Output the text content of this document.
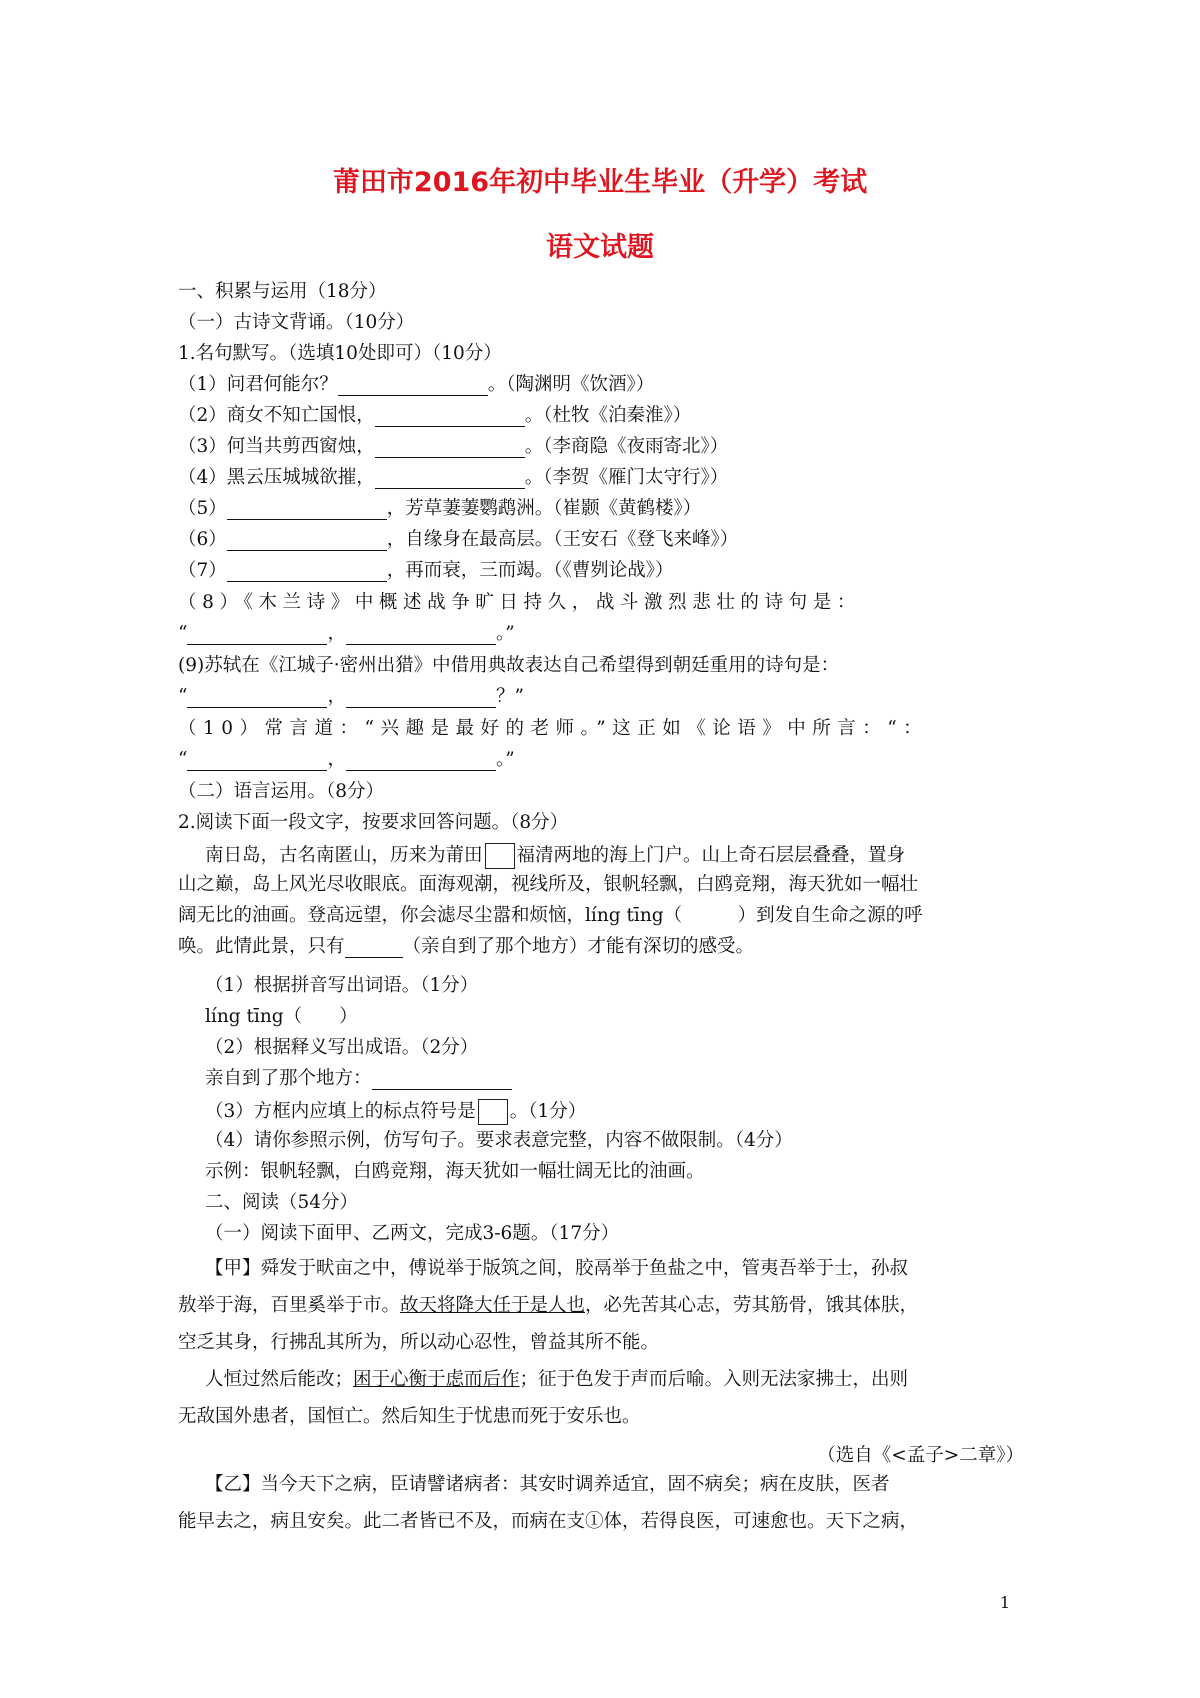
莆田市2016年初中毕业生毕业（升学）考试
语文试题
一、积累与运用（18分）
（一）古诗文背诵。（10分）
1.名句默写。（选填10处即可）（10分）
（1）问君何能尔？	。（陶渊明《饮酒》）
（2）商女不知亡国恨，	。（杜牧《泊秦淮》）
（3）何当共剪西窗烛，	。（李商隐《夜雨寄北》）
（4）黑云压城城欲摧，	。（李贺《雁门太守行》）
（5）	，芳草萋萋鹦鹉洲。（崔颢《黄鹤楼》）
（6）	，自缘身在最高层。（王安石《登飞来峰》）
（7）	，再而衰，三而竭。（《曹刿论战》）
（8）《木兰诗》中概述战争旷日持久，战斗激烈悲壮的诗句是：
“	，	。”
(9)苏轼在《江城子·密州出猎》中借用典故表达自己希望得到朝廷重用的诗句是：
“	，	？”
（10）常言道：“兴趣是最好的老师。”这正如《论语》中所言：“：
“	，	。”
（二）语言运用。（8分）
2.阅读下面一段文字，按要求回答问题。（8分）
南日岛，古名南匿山，历来为莆田 福清两地的海上门户。山上奇石层层叠叠，置身
山之巅，岛上风光尽收眼底。面海观潮，视线所及，银帆轻飘，白鸥竞翔，海天犹如一幅壮
阔无比的油画。登高远望，你会滤尽尘嚣和烦恼，líng tīng（　　　）到发自生命之源的呼
唤。此情此景，只有	（亲自到了那个地方）才能有深切的感受。
（1）根据拼音写出词语。（1分）
líng tīng（　　）
（2）根据释义写出成语。（2分）
亲自到了那个地方：
（3）方框内应填上的标点符号是 。（1分）
（4）请你参照示例，仿写句子。要求表意完整，内容不做限制。（4分）
示例：银帆轻飘，白鸥竞翔，海天犹如一幅壮阔无比的油画。
二、阅读（54分）
（一）阅读下面甲、乙两文，完成3-6题。（17分）
【甲】舜发于畎亩之中，傅说举于版筑之间，胶鬲举于鱼盐之中，管夷吾举于士，孙叔
敖举于海，百里奚举于市。故天将降大任于是人也，必先苦其心志，劳其筋骨，饿其体肤，
空乏其身，行拂乱其所为，所以动心忍性，曾益其所不能。
人恒过然后能改；困于心衡于虑而后作；征于色发于声而后喻。入则无法家拂士，出则
无敌国外患者，国恒亡。然后知生于忧患而死于安乐也。
（选自《<孟子>二章》）
【乙】当今天下之病，臣请譬诸病者：其安时调养适宜，固不病矣；病在皮肤，医者
能早去之，病且安矣。此二者皆已不及，而病在支①体，若得良医，可速愈也。天下之病，
1
